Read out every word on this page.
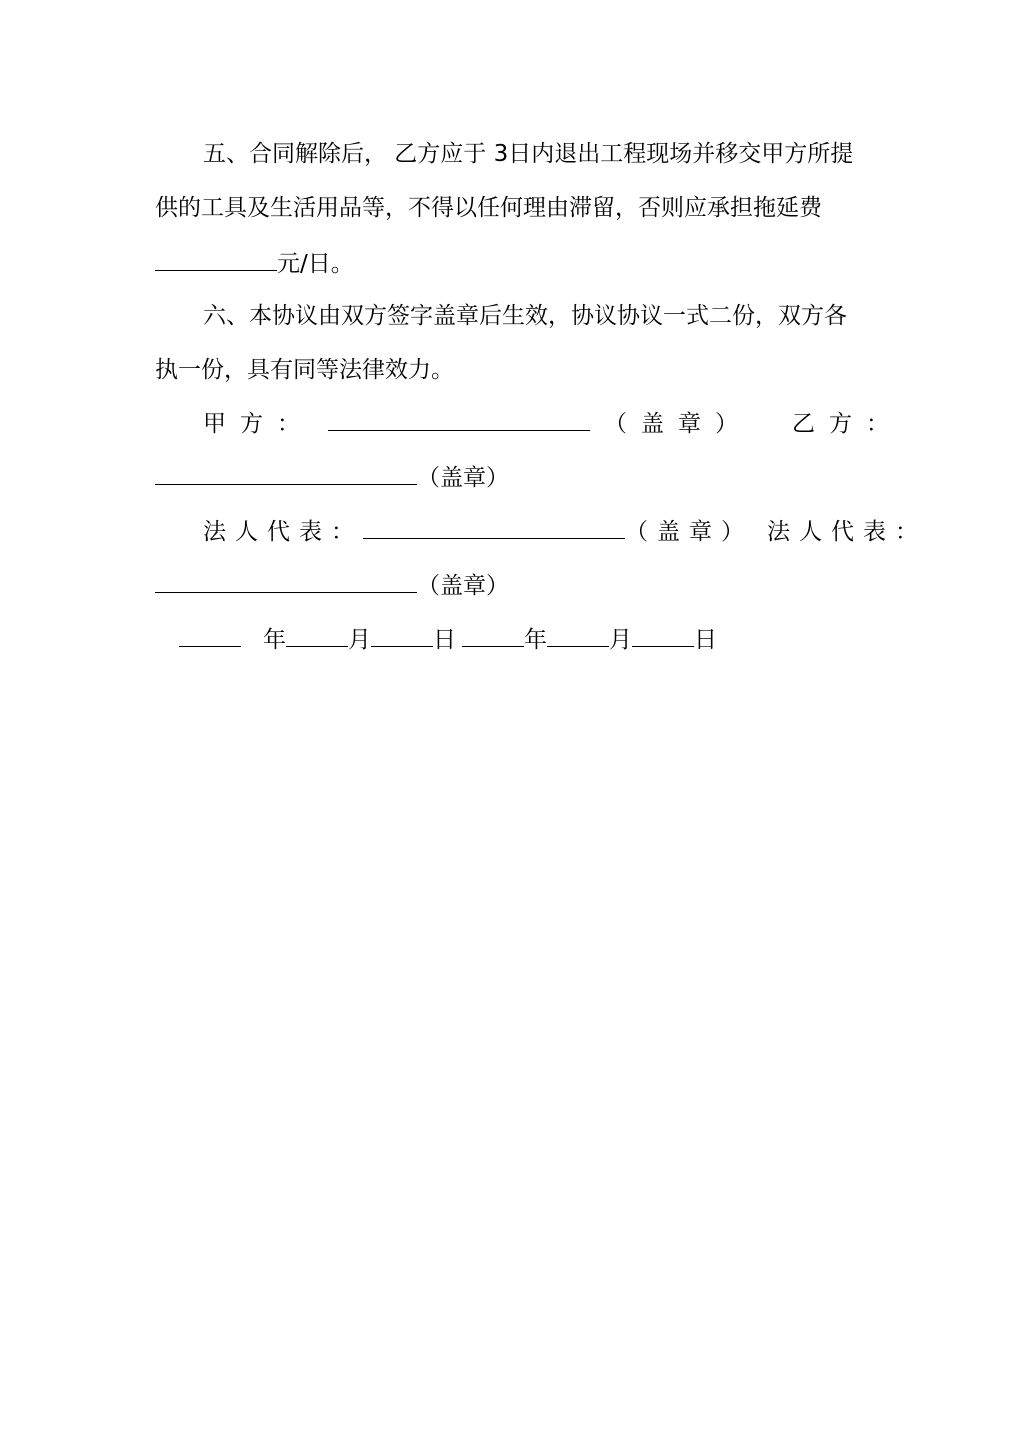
五、合同解除后， 乙方应于 3日内退出工程现场并移交甲方所提
供的工具及生活用品等，不得以任何理由滞留，否则应承担拖延费
元/日。
六、本协议由双方签字盖章后生效，协议协议一式二份，双方各
执一份，具有同等法律效力。
甲方：	（盖章） 乙方：
（盖章）
法人代表：	（盖章） 法人代表：
（盖章）
年	月	日	年	月	日
